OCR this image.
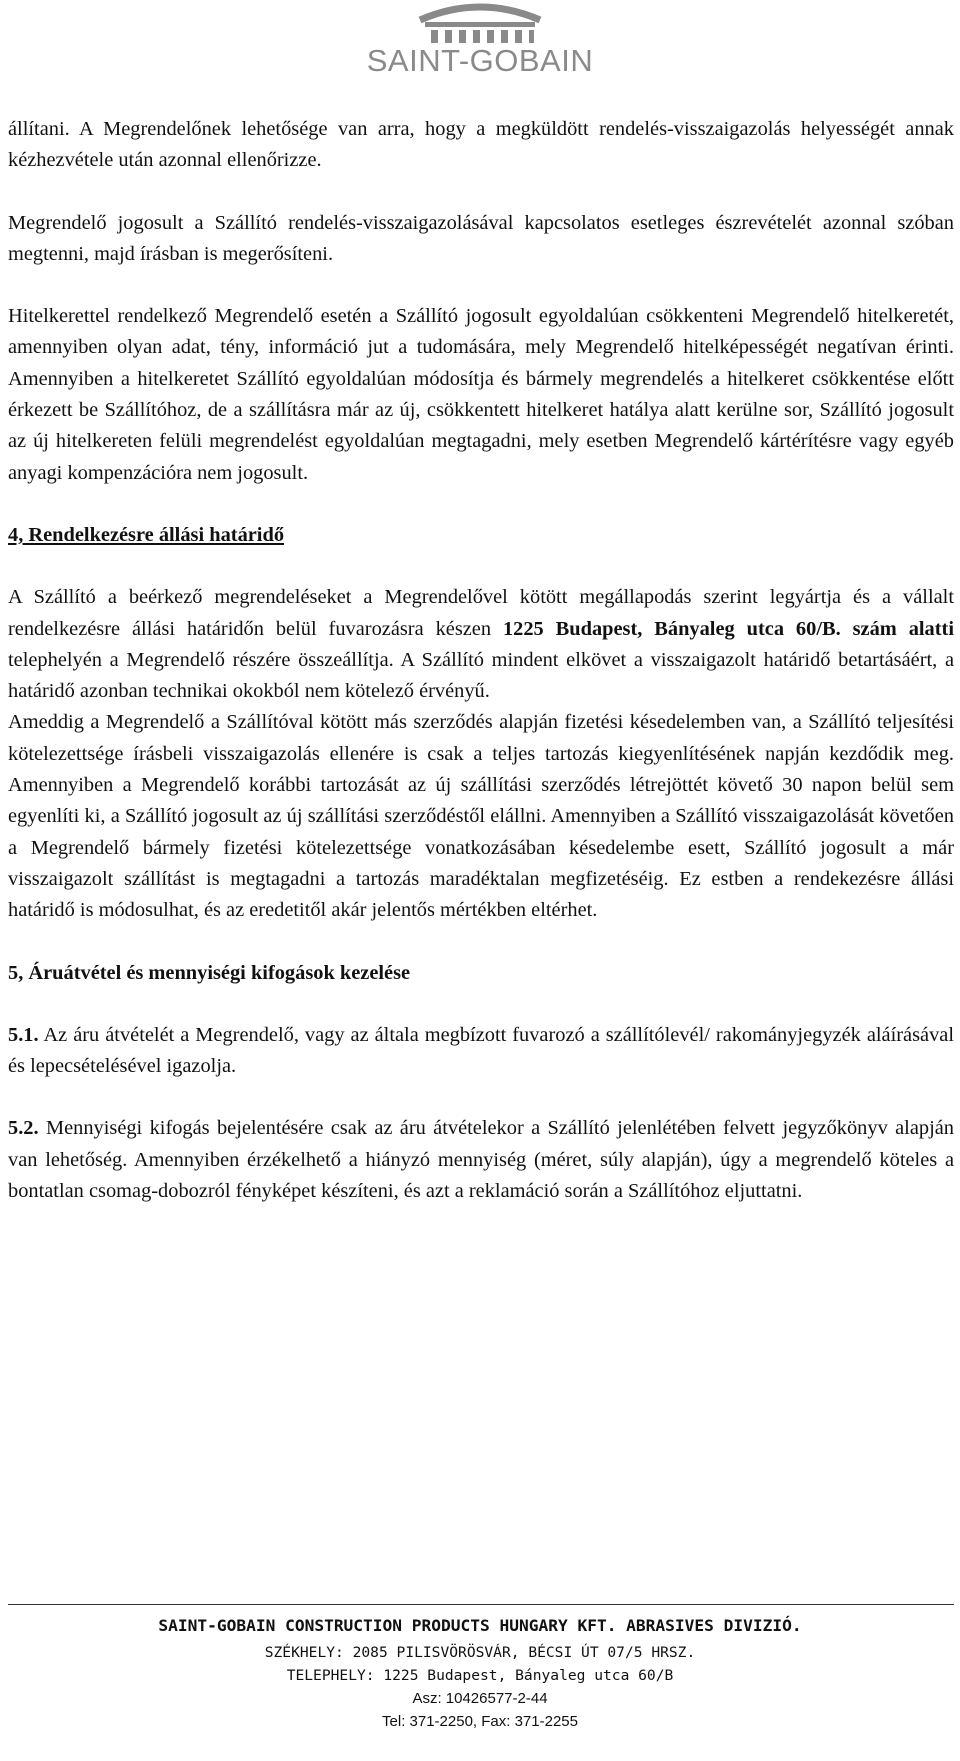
SAINT-GOBAIN

állítani. A Megrendelőnek lehetősége van arra, hogy a megküldött rendelés-visszaigazolás helyességét annak kézhezvétele után azonnal ellenőrizze.

Megrendelő jogosult a Szállító rendelés-visszaigazolásával kapcsolatos esetleges észrevételét azonnal szóban megtenni, majd írásban is megerősíteni.

Hitelkerettel rendelkező Megrendelő esetén a Szállító jogosult egyoldalúan csökkenteni Megrendelő hitelkeretét, amennyiben olyan adat, tény, információ jut a tudomására, mely Megrendelő hitelképességét negatívan érinti. Amennyiben a hitelkeretet Szállító egyoldalúan módosítja és bármely megrendelés a hitelkeret csökkentése előtt érkezett be Szállítóhoz, de a szállításra már az új, csökkentett hitelkeret hatálya alatt kerülne sor, Szállító jogosult az új hitelkereten felüli megrendelést egyoldalúan megtagadni, mely esetben Megrendelő kártérítésre vagy egyéb anyagi kompenzációra nem jogosult.

4, Rendelkezésre állási határidő

A Szállító a beérkező megrendeléseket a Megrendelővel kötött megállapodás szerint legyártja és a vállalt rendelkezésre állási határidőn belül fuvarozásra készen 1225 Budapest, Bányaleg utca 60/B. szám alatti telephelyén a Megrendelő részére összeállítja. A Szállító mindent elkövet a visszaigazolt határidő betartásáért, a határidő azonban technikai okokból nem kötelező érvényű.

Ameddig a Megrendelő a Szállítóval kötött más szerződés alapján fizetési késedelemben van, a Szállító teljesítési kötelezettsége írásbeli visszaigazolás ellenére is csak a teljes tartozás kiegyenlítésének napján kezdődik meg. Amennyiben a Megrendelő korábbi tartozását az új szállítási szerződés létrejöttét követő 30 napon belül sem egyenlíti ki, a Szállító jogosult az új szállítási szerződéstől elállni. Amennyiben a Szállító visszaigazolását követően a Megrendelő bármely fizetési kötelezettsége vonatkozásában késedelembe esett, Szállító jogosult a már visszaigazolt szállítást is megtagadni a tartozás maradéktalan megfizetéséig. Ez estben a rendekezésre állási határidő is módosulhat, és az eredetitől akár jelentős mértékben eltérhet.

5, Áruátvétel és mennyiségi kifogások kezelése

5.1. Az áru átvételét a Megrendelő, vagy az általa megbízott fuvarozó a szállítólevél/ rakományjegyzék aláírásával és lepecsételésével igazolja.

5.2. Mennyiségi kifogás bejelentésére csak az áru átvételekor a Szállító jelenlétében felvett jegyzőkönyv alapján van lehetőség. Amennyiben érzékelhető a hiányzó mennyiség (méret, súly alapján), úgy a megrendelő köteles a bontatlan csomag-dobozról fényképet készíteni, és azt a reklamáció során a Szállítóhoz eljuttatni.

SAINT-GOBAIN CONSTRUCTION PRODUCTS HUNGARY KFT. ABRASIVES DIVIZIÓ.
SZÉKHELY: 2085 PILISVÖRÖSVÁR, BÉCSI ÚT 07/5 HRSZ.
TELEPHELY: 1225 Budapest, Bányaleg utca 60/B
Asz: 10426577-2-44
Tel: 371-2250, Fax: 371-2255
